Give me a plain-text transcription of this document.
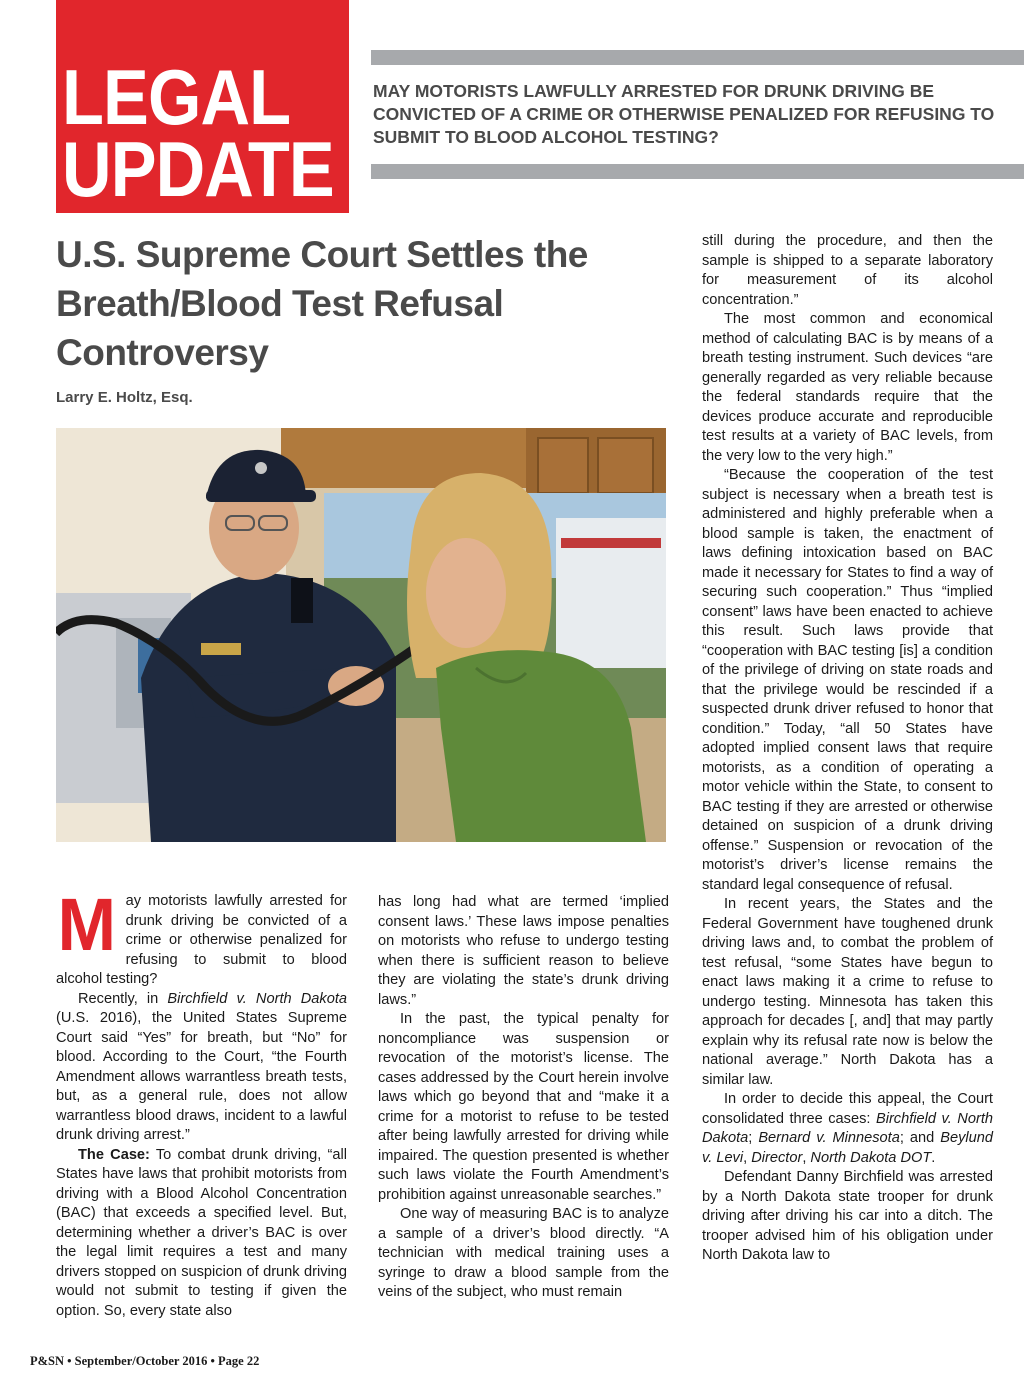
LEGAL
UPDATE
MAY MOTORISTS LAWFULLY ARRESTED FOR DRUNK DRIVING BE CONVICTED OF A CRIME OR OTHERWISE PENALIZED FOR REFUSING TO SUBMIT TO BLOOD ALCOHOL TESTING?
U.S. Supreme Court Settles the
Breath/Blood Test Refusal
Controversy
Larry E. Holtz, Esq.

May motorists lawfully arrested for drunk driving be convicted of a crime or otherwise penalized for refusing to submit to blood alcohol testing?

Recently, in Birchfield v. North Dakota (U.S. 2016), the United States Supreme Court said “Yes” for breath, but “No” for blood. According to the Court, “the Fourth Amendment allows warrantless breath tests, but, as a general rule, does not allow warrantless blood draws, incident to a lawful drunk driving arrest.”

The Case: To combat drunk driving, “all States have laws that prohibit motorists from driving with a Blood Alcohol Concentration (BAC) that exceeds a specified level. But, determining whether a driver’s BAC is over the legal limit requires a test and many drivers stopped on suspicion of drunk driving would not submit to testing if given the option. So, every state also

has long had what are termed ‘implied consent laws.’ These laws impose penalties on motorists who refuse to undergo testing when there is sufficient reason to believe they are violating the state’s drunk driving laws.”

In the past, the typical penalty for noncompliance was suspension or revocation of the motorist’s license. The cases addressed by the Court herein involve laws which go beyond that and “make it a crime for a motorist to refuse to be tested after being lawfully arrested for driving while impaired. The question presented is whether such laws violate the Fourth Amendment’s prohibition against unreasonable searches.”

One way of measuring BAC is to analyze a sample of a driver’s blood directly. “A technician with medical training uses a syringe to draw a blood sample from the veins of the subject, who must remain

still during the procedure, and then the sample is shipped to a separate laboratory for measurement of its alcohol concentration.”

The most common and economical method of calculating BAC is by means of a breath testing instrument. Such devices “are generally regarded as very reliable because the federal standards require that the devices produce accurate and reproducible test results at a variety of BAC levels, from the very low to the very high.”

“Because the cooperation of the test subject is necessary when a breath test is administered and highly preferable when a blood sample is taken, the enactment of laws defining intoxication based on BAC made it necessary for States to find a way of securing such cooperation.” Thus “implied consent” laws have been enacted to achieve this result. Such laws provide that “cooperation with BAC testing [is] a condition of the privilege of driving on state roads and that the privilege would be rescinded if a suspected drunk driver refused to honor that condition.” Today, “all 50 States have adopted implied consent laws that require motorists, as a condition of operating a motor vehicle within the State, to consent to BAC testing if they are arrested or otherwise detained on suspicion of a drunk driving offense.” Suspension or revocation of the motorist’s driver’s license remains the standard legal consequence of refusal.

In recent years, the States and the Federal Government have toughened drunk driving laws and, to combat the problem of test refusal, “some States have begun to enact laws making it a crime to refuse to undergo testing. Minnesota has taken this approach for decades [, and] that may partly explain why its refusal rate now is below the national average.” North Dakota has a similar law.

In order to decide this appeal, the Court consolidated three cases: Birchfield v. North Dakota; Bernard v. Minnesota; and Beylund v. Levi, Director, North Dakota DOT.

Defendant Danny Birchfield was arrested by a North Dakota state trooper for drunk driving after driving his car into a ditch. The trooper advised him of his obligation under North Dakota law to

P&SN • September/October 2016 • Page 22
